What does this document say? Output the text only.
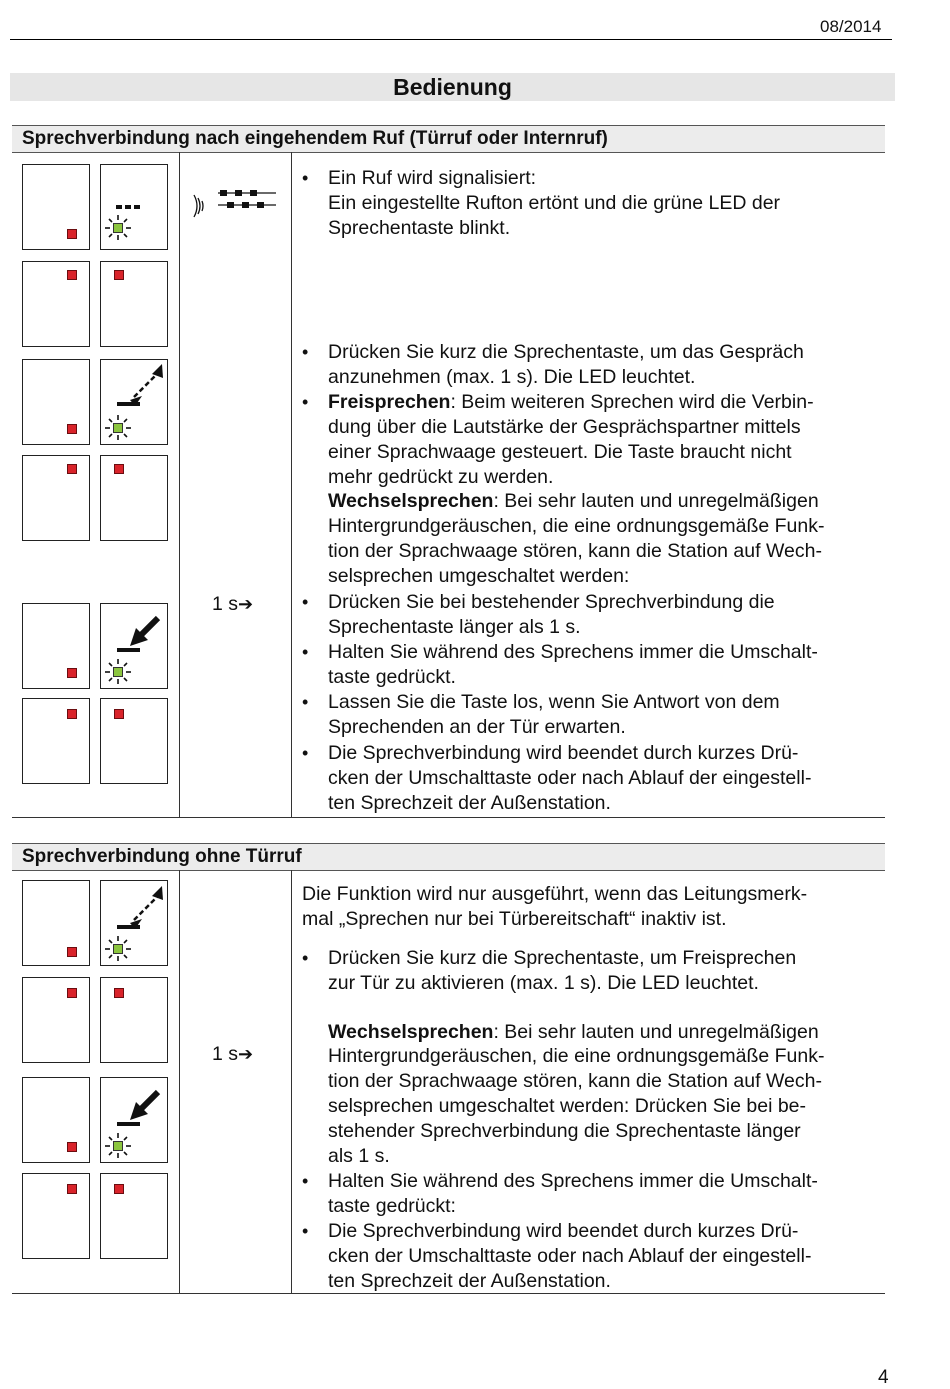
08/2014
Bedienung
Sprechverbindung nach eingehendem Ruf (Türruf oder Internruf)
1 s➔
• Ein Ruf wird signalisiert:
Ein eingestellte Rufton ertönt und die grüne LED der
Sprechentaste blinkt.
• Drücken Sie kurz die Sprechentaste, um das Gespräch
anzunehmen (max. 1 s). Die LED leuchtet.
• Freisprechen: Beim weiteren Sprechen wird die Verbin-
dung über die Lautstärke der Gesprächspartner mittels
einer Sprachwaage gesteuert. Die Taste braucht nicht
mehr gedrückt zu werden.
Wechselsprechen: Bei sehr lauten und unregelmäßigen
Hintergrundgeräuschen, die eine ordnungsgemäße Funk-
tion der Sprachwaage stören, kann die Station auf Wech-
selsprechen umgeschaltet werden:
• Drücken Sie bei bestehender Sprechverbindung die
Sprechentaste länger als 1 s.
• Halten Sie während des Sprechens immer die Umschalt-
taste gedrückt.
• Lassen Sie die Taste los, wenn Sie Antwort von dem
Sprechenden an der Tür erwarten.
• Die Sprechverbindung wird beendet durch kurzes Drü-
cken der Umschalttaste oder nach Ablauf der eingestell-
ten Sprechzeit der Außenstation.
Sprechverbindung ohne Türruf
1 s➔
Die Funktion wird nur ausgeführt, wenn das Leitungsmerk-
mal „Sprechen nur bei Türbereitschaft“ inaktiv ist.
• Drücken Sie kurz die Sprechentaste, um Freisprechen
zur Tür zu aktivieren (max. 1 s). Die LED leuchtet.
Wechselsprechen: Bei sehr lauten und unregelmäßigen
Hintergrundgeräuschen, die eine ordnungsgemäße Funk-
tion der Sprachwaage stören, kann die Station auf Wech-
selsprechen umgeschaltet werden: Drücken Sie bei be-
stehender Sprechverbindung die Sprechentaste länger
als 1 s.
• Halten Sie während des Sprechens immer die Umschalt-
taste gedrückt:
• Die Sprechverbindung wird beendet durch kurzes Drü-
cken der Umschalttaste oder nach Ablauf der eingestell-
ten Sprechzeit der Außenstation.
4
